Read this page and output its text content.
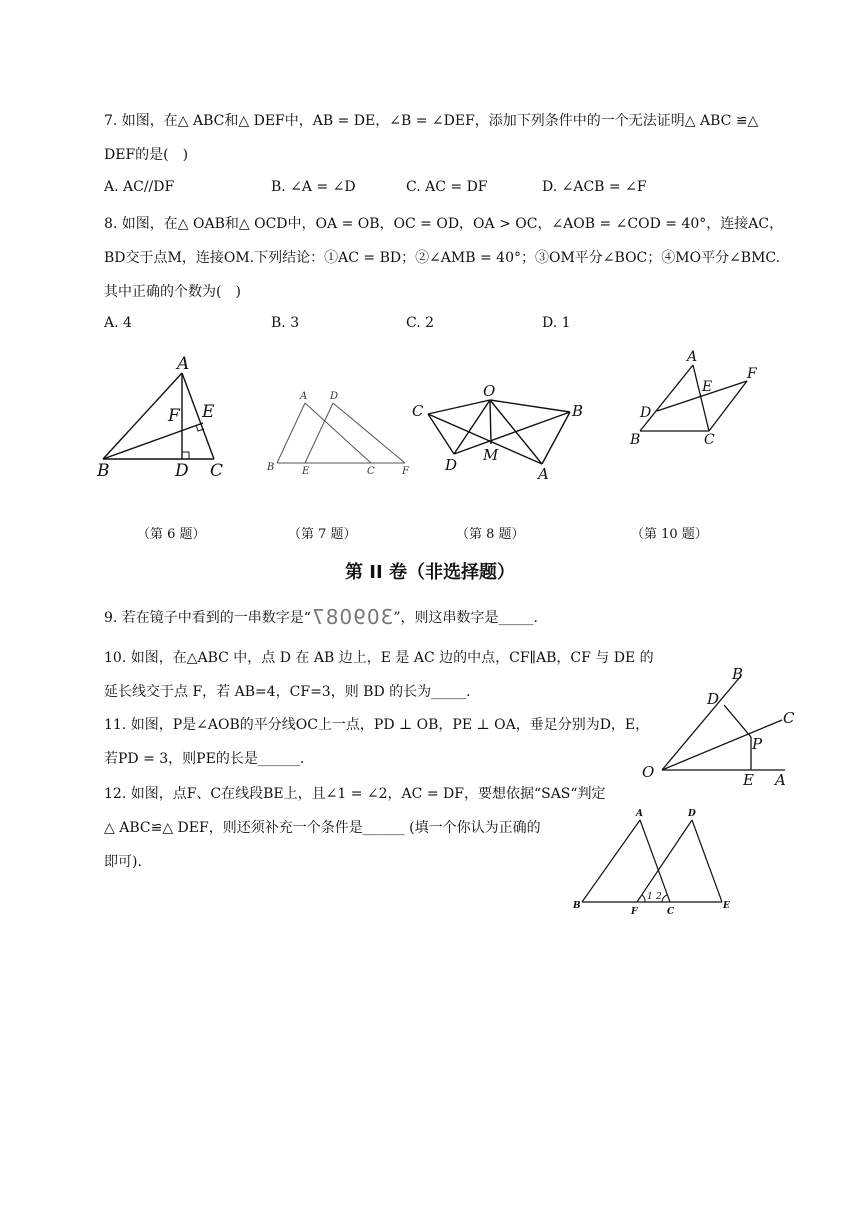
7. 如图，在△ ABC和△ DEF中，AB = DE，∠B = ∠DEF，添加下列条件中的一个无法证明△ ABC ≌△
DEF的是(　)
A. AC//DF	B. ∠A = ∠D	C. AC = DF	D. ∠ACB = ∠F
8. 如图，在△ OAB和△ OCD中，OA = OB，OC = OD，OA > OC，∠AOB = ∠COD = 40°，连接AC，
BD交于点M，连接OM.下列结论：①AC = BD；②∠AMB = 40°；③OM平分∠BOC；④MO平分∠BMC.
其中正确的个数为(　)
A. 4	B. 3	C. 2	D. 1
A
B	C
D
E
F
A D
B	E	C	F
O
C	B
D
M
A
A
E
F
D
B	C
（第 6 题）	（第 7 题）	（第 8 题）	（第 10 题）
第 II 卷（非选择题）
9. 若在镜子中看到的一串数字是“309087”，则这串数字是_____.
10. 如图，在△ABC 中，点 D 在 AB 边上，E 是 AC 边的中点，CF∥AB，CF 与 DE 的
延长线交于点 F，若 AB=4，CF=3，则 BD 的长为_____.
11. 如图，P是∠AOB的平分线OC上一点，PD ⊥ OB，PE ⊥ OA，垂足分别为D，E，
若PD = 3，则PE的长是______.
B
D
C
P
O	E A
12. 如图，点F、C在线段BE上，且∠1 = ∠2，AC = DF，要想依据“SAS“判定
△ ABC≌△ DEF，则还须补充一个条件是______ (填一个你认为正确的
即可).
A	D
B
F	C
E
1 2
